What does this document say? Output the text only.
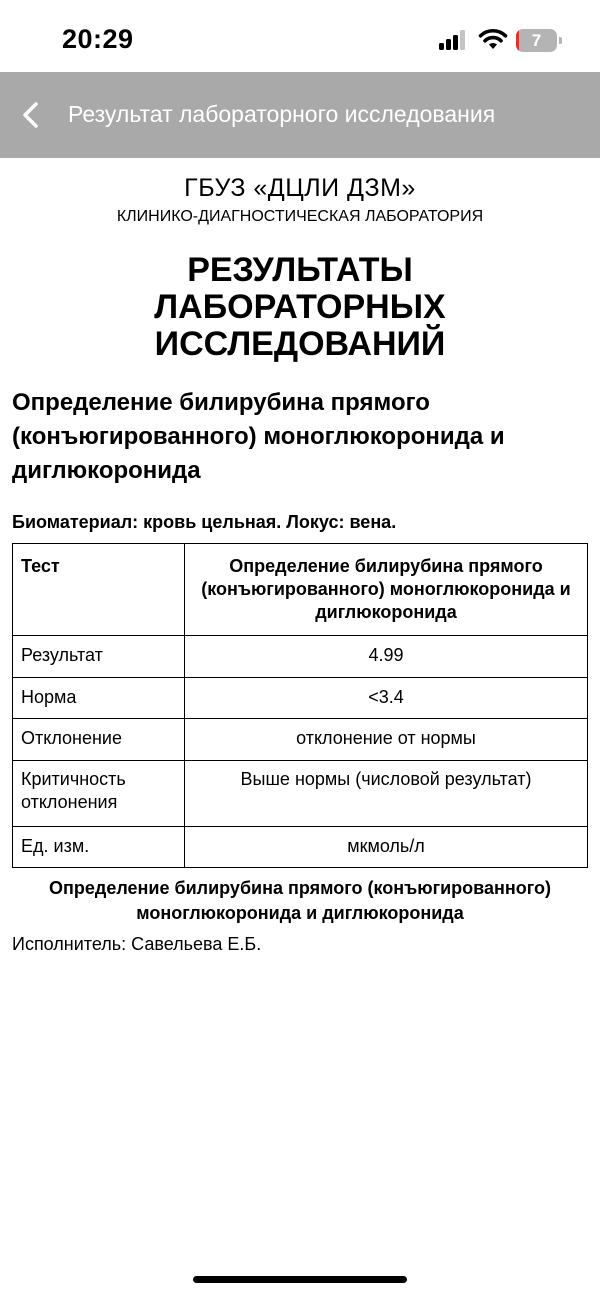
20:29	7
Результат лабораторного исследования
ГБУЗ «ДЦЛИ ДЗМ»
КЛИНИКО-ДИАГНОСТИЧЕСКАЯ ЛАБОРАТОРИЯ
РЕЗУЛЬТАТЫ ЛАБОРАТОРНЫХ ИССЛЕДОВАНИЙ
Определение билирубина прямого (конъюгированного) моноглюкоронида и диглюкоронида
Биоматериал: кровь цельная. Локус: вена.
Тест	Определение билирубина прямого (конъюгированного) моноглюкоронида и диглюкоронида
Результат	4.99
Норма	<3.4
Отклонение	отклонение от нормы
Критичность отклонения	Выше нормы (числовой результат)
Ед. изм.	мкмоль/л
Определение билирубина прямого (конъюгированного) моноглюкоронида и диглюкоронида
Исполнитель: Савельева Е.Б.
